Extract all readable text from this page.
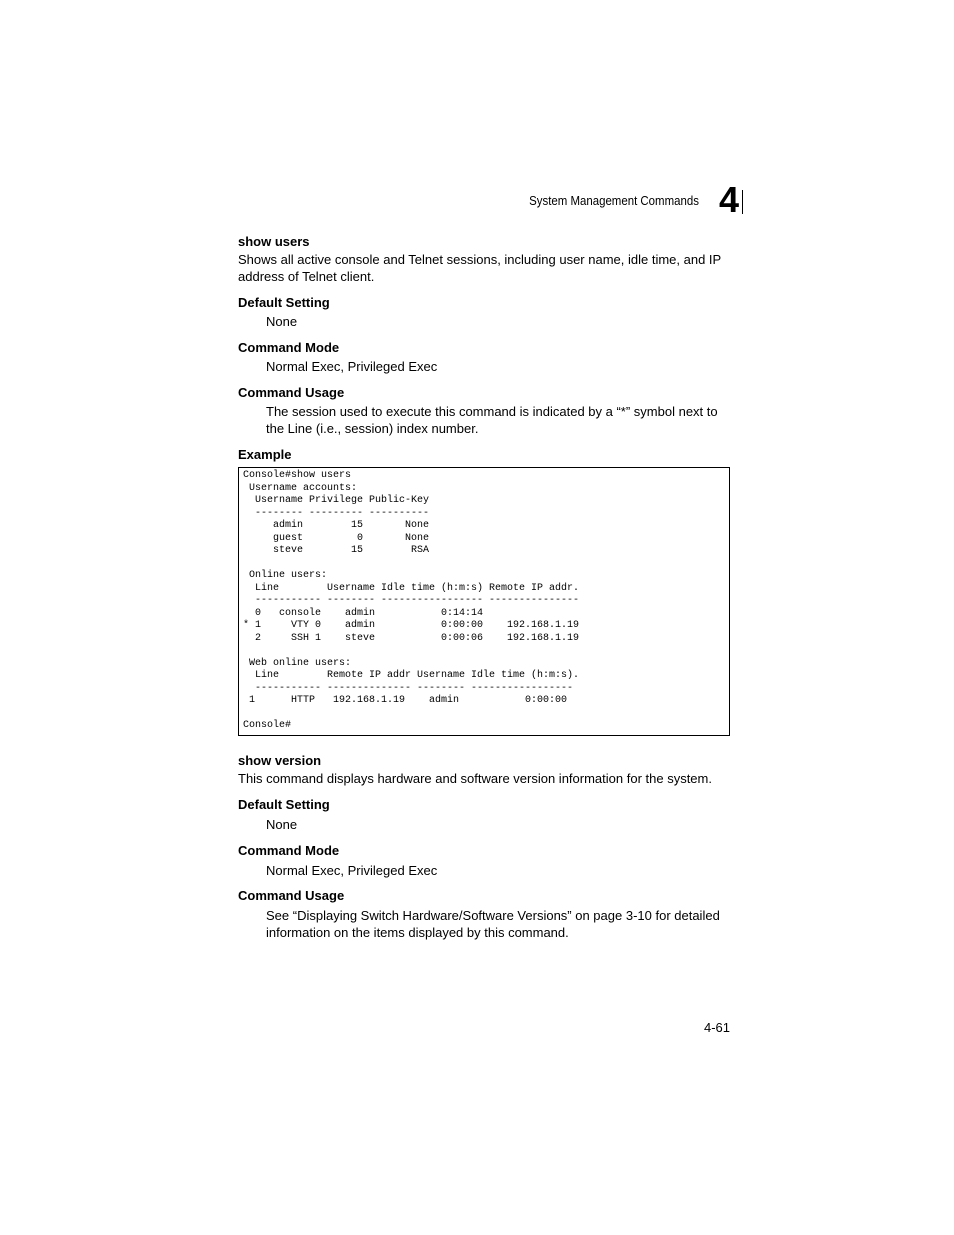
System Management Commands 4
show users

Shows all active console and Telnet sessions, including user name, idle time, and IP address of Telnet client.

Default Setting

None

Command Mode

Normal Exec, Privileged Exec

Command Usage

The session used to execute this command is indicated by a “*” symbol next to the Line (i.e., session) index number.

Example
Console#show users
Username accounts:
Username Privilege Public-Key
-------- --------- ----------
admin        15       None
guest         0       None
steve        15        RSA

Online users:
Line        Username Idle time (h:m:s) Remote IP addr.
----------- -------- ----------------- ---------------
0   console    admin           0:14:14
* 1     VTY 0    admin           0:00:00    192.168.1.19
2     SSH 1    steve           0:00:06    192.168.1.19

Web online users:
Line        Remote IP addr Username Idle time (h:m:s).
----------- -------------- -------- -----------------
1      HTTP   192.168.1.19    admin           0:00:00

Console#
show version

This command displays hardware and software version information for the system.

Default Setting

None

Command Mode

Normal Exec, Privileged Exec

Command Usage

See “Displaying Switch Hardware/Software Versions” on page 3-10 for detailed information on the items displayed by this command.

4-61
